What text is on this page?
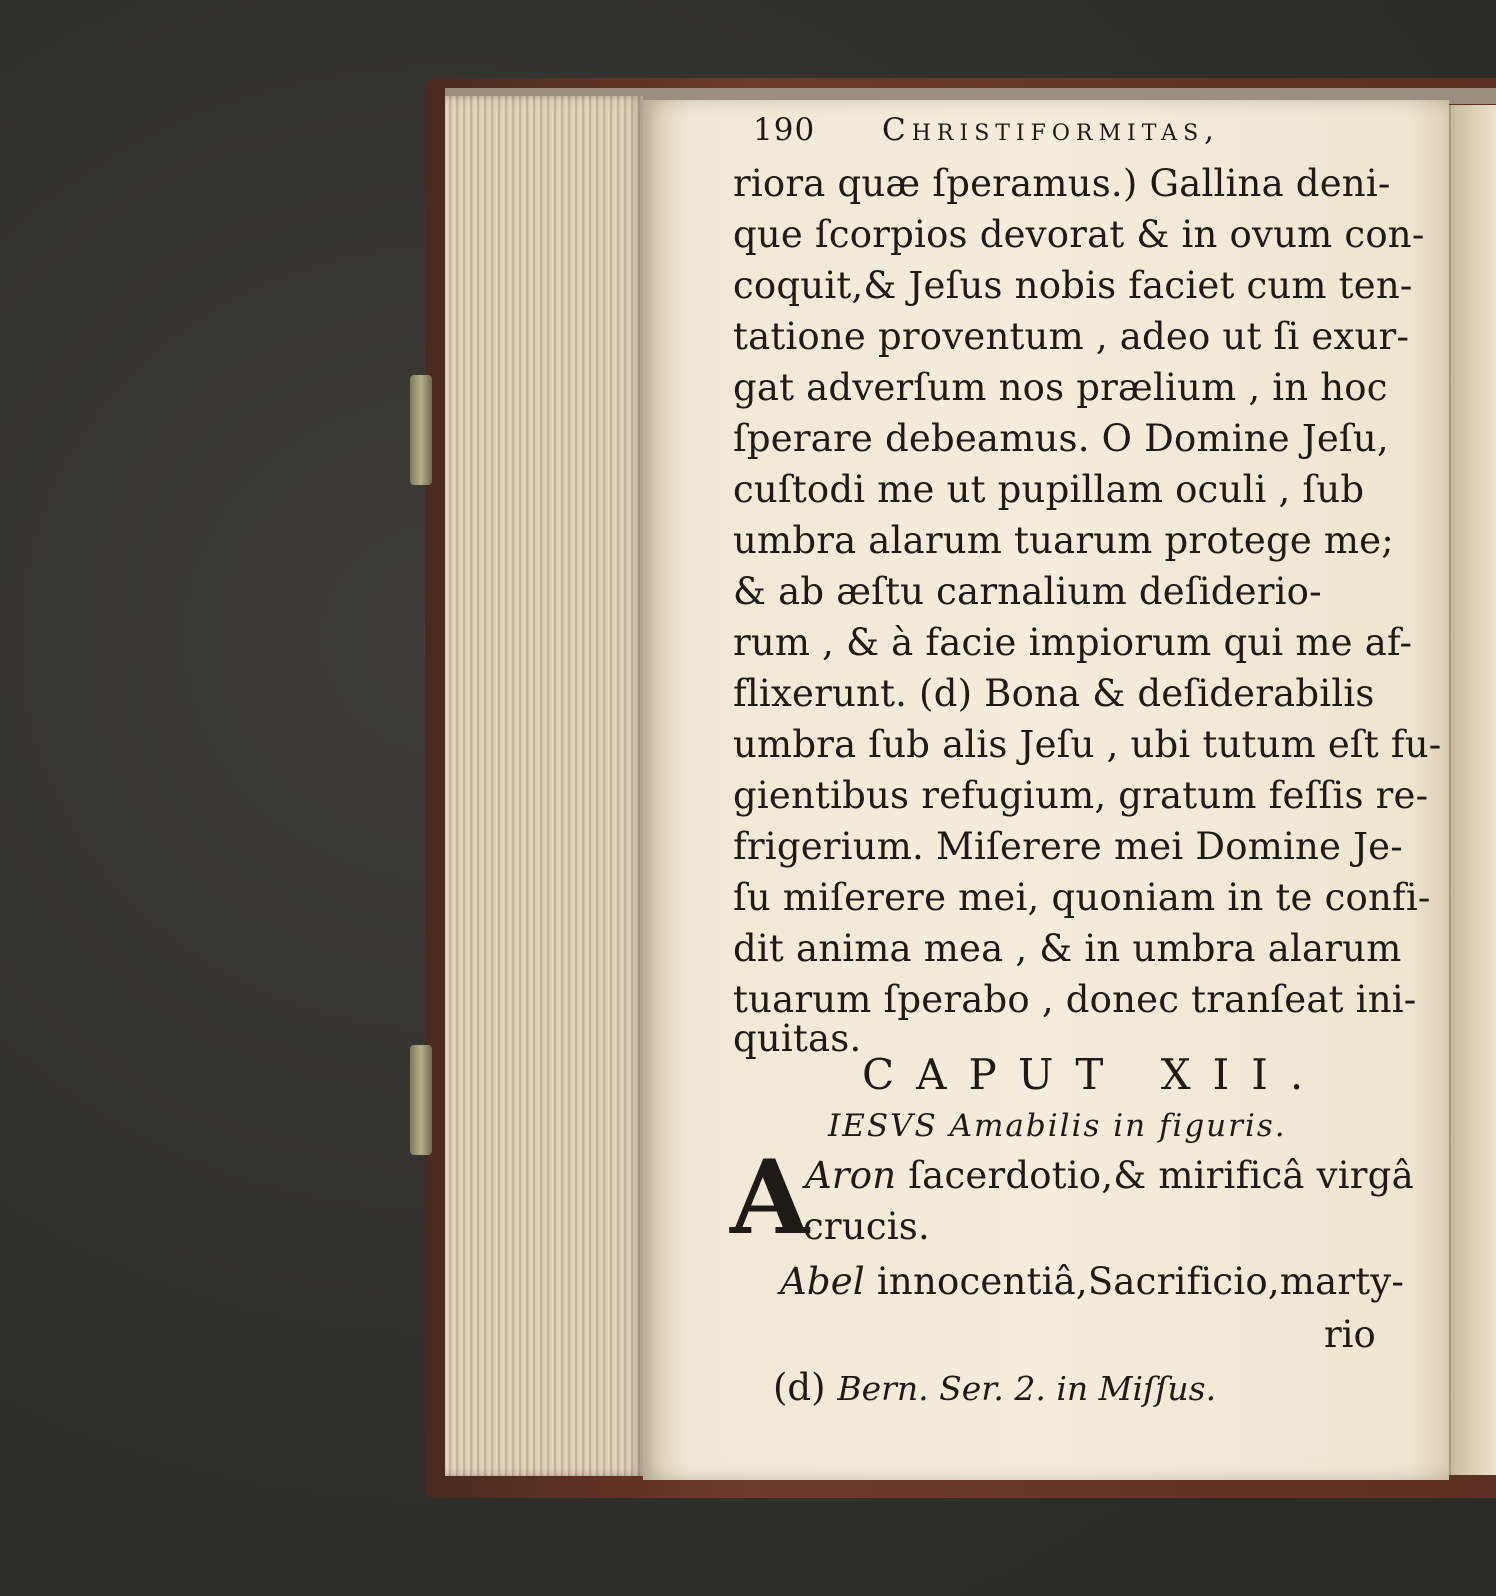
190 Christiformitas,
riora quæ ſperamus.) Gallina deni-
que ſcorpios devorat & in ovum con-
coquit,& Jeſus nobis faciet cum ten-
tatione proventum , adeo ut ſi exur-
gat adverſum nos prælium , in hoc
ſperare debeamus. O Domine Jeſu,
cuſtodi me ut pupillam oculi , ſub
umbra alarum tuarum protege me;
& ab æſtu carnalium deſiderio-
rum , & à facie impiorum qui me af-
flixerunt. (d) Bona & deſiderabilis
umbra ſub alis Jeſu , ubi tutum eſt fu-
gientibus refugium, gratum feſſis re-
frigerium. Miſerere mei Domine Je-
ſu miſerere mei, quoniam in te confi-
dit anima mea , & in umbra alarum
tuarum ſperabo , donec tranſeat ini-
quitas.
CAPUT XII.
IESVS Amabilis in figuris.
A
Aron ſacerdotio,& mirificâ virgâ
crucis.
Abel innocentiâ,Sacrificio,marty-
rio
(d) Bern. Ser. 2. in Miſſus.
